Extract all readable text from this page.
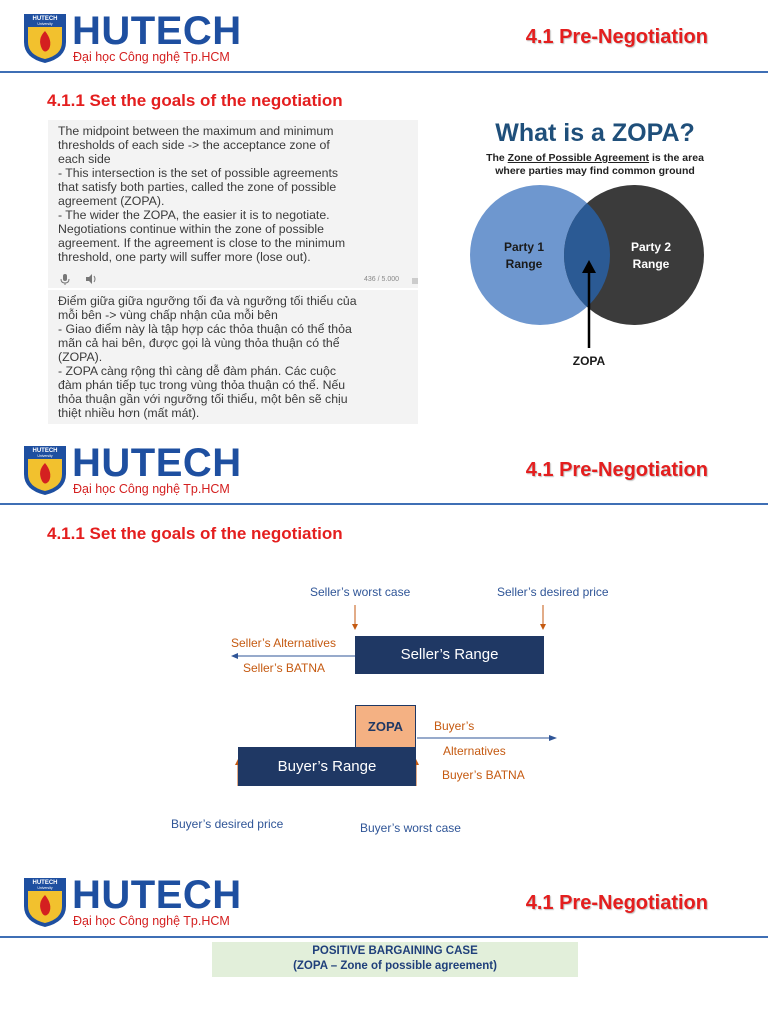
HUTECH
University HUTECH
Đại học Công nghệ Tp.HCM
4.1 Pre-Negotiation
4.1.1 Set the goals of the negotiation
The midpoint between the maximum and minimum
thresholds of each side -> the acceptance zone of
each side
- This intersection is the set of possible agreements
that satisfy both parties, called the zone of possible
agreement (ZOPA).
- The wider the ZOPA, the easier it is to negotiate.
Negotiations continue within the zone of possible
agreement. If the agreement is close to the minimum
threshold, one party will suffer more (lose out).
436 / 5.000
Điểm giữa giữa ngưỡng tối đa và ngưỡng tối thiểu của
mỗi bên -> vùng chấp nhận của mỗi bên
- Giao điểm này là tập hợp các thỏa thuận có thể thỏa
mãn cả hai bên, được gọi là vùng thỏa thuận có thể
(ZOPA).
- ZOPA càng rộng thì càng dễ đàm phán. Các cuộc
đàm phán tiếp tục trong vùng thỏa thuận có thể. Nếu
thỏa thuận gần với ngưỡng tối thiểu, một bên sẽ chịu
thiệt nhiều hơn (mất mát).
What is a ZOPA?
The Zone of Possible Agreement is the area
where parties may find common ground
Party 1
Range
Party 2
Range
ZOPA
HUTECH
University HUTECH
Đại học Công nghệ Tp.HCM
4.1 Pre-Negotiation
4.1.1 Set the goals of the negotiation
Seller’s worst case	Seller’s desired price
Seller’s Alternatives
Seller’s BATNA
Seller’s Range
ZOPA	Buyer’s
Alternatives
Buyer’s BATNA
Buyer’s Range
Buyer’s desired price	Buyer’s worst case
HUTECH
University HUTECH
Đại học Công nghệ Tp.HCM
4.1 Pre-Negotiation
POSITIVE BARGAINING CASE
(ZOPA – Zone of possible agreement)
